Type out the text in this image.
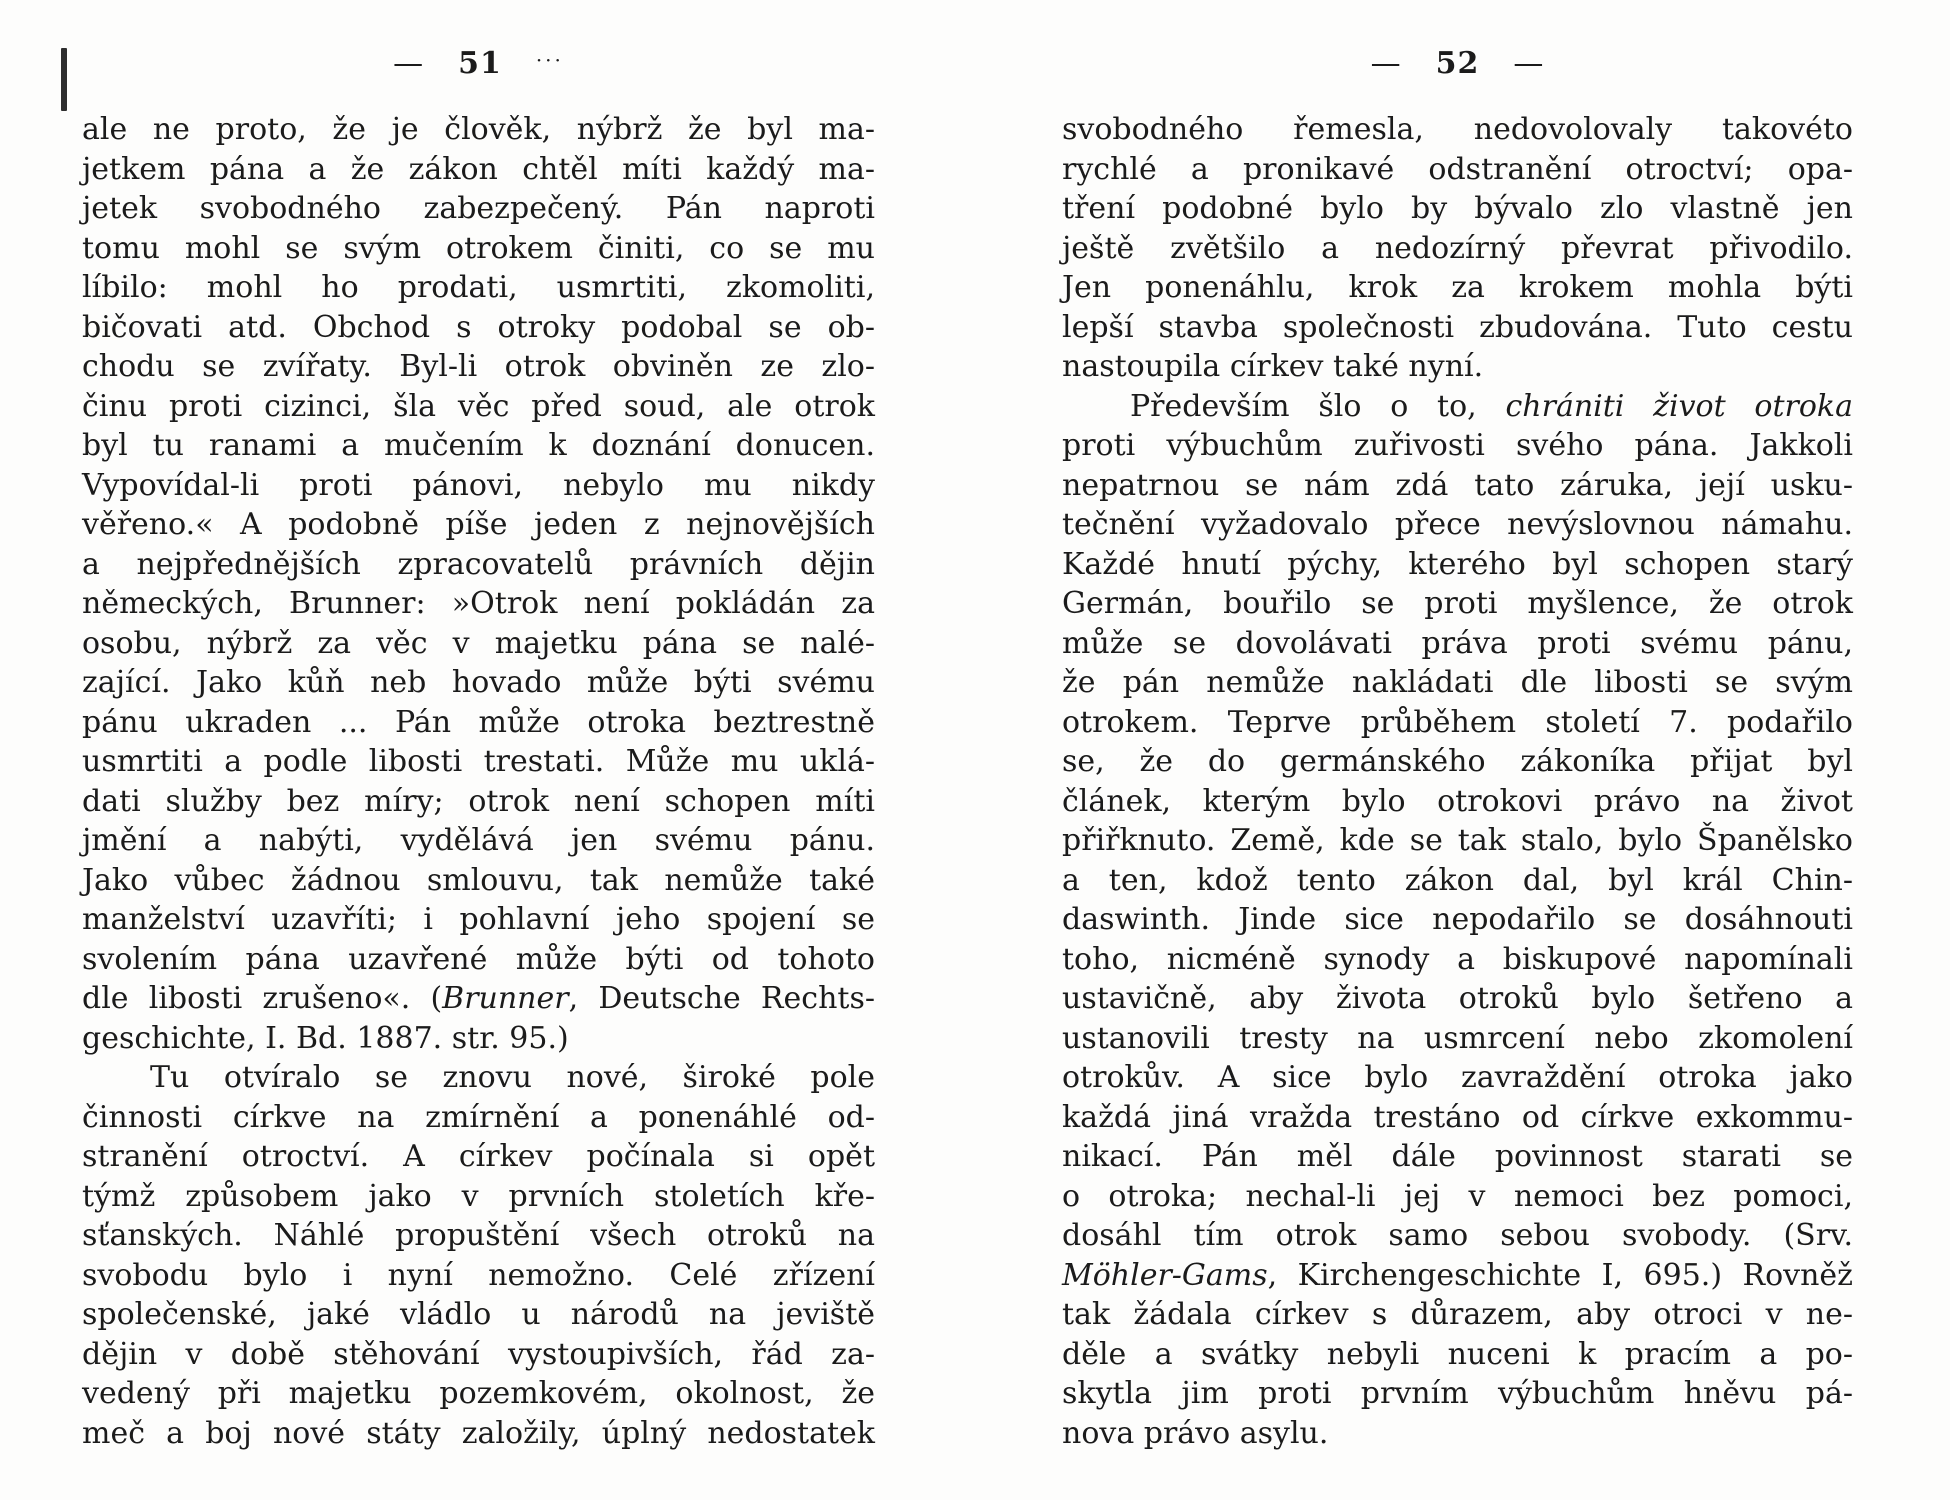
— 51 ···	— 52 —
ale ne proto, že je člověk, nýbrž že byl ma-
jetkem pána a že zákon chtěl míti každý ma-
jetek svobodného zabezpečený. Pán naproti
tomu mohl se svým otrokem činiti, co se mu
líbilo: mohl ho prodati, usmrtiti, zkomoliti,
bičovati atd. Obchod s otroky podobal se ob-
chodu se zvířaty. Byl-li otrok obviněn ze zlo-
činu proti cizinci, šla věc před soud, ale otrok
byl tu ranami a mučením k doznání donucen.
Vypovídal-li proti pánovi, nebylo mu nikdy
věřeno.« A podobně píše jeden z nejnovějších
a nejpřednějších zpracovatelů právních dějin
německých, Brunner: »Otrok není pokládán za
osobu, nýbrž za věc v majetku pána se nalé-
zající. Jako kůň neb hovado může býti svému
pánu ukraden ... Pán může otroka beztrestně
usmrtiti a podle libosti trestati. Může mu uklá-
dati služby bez míry; otrok není schopen míti
jmění a nabýti, vydělává jen svému pánu.
Jako vůbec žádnou smlouvu, tak nemůže také
manželství uzavříti; i pohlavní jeho spojení se
svolením pána uzavřené může býti od tohoto
dle libosti zrušeno«. (Brunner, Deutsche Rechts-
geschichte, I. Bd. 1887. str. 95.)
Tu otvíralo se znovu nové, široké pole
činnosti církve na zmírnění a ponenáhlé od-
stranění otroctví. A církev počínala si opět
týmž způsobem jako v prvních stoletích kře-
sťanských. Náhlé propuštění všech otroků na
svobodu bylo i nyní nemožno. Celé zřízení
společenské, jaké vládlo u národů na jeviště
dějin v době stěhování vystoupivších, řád za-
vedený při majetku pozemkovém, okolnost, že
meč a boj nové státy založily, úplný nedostatek
svobodného řemesla, nedovolovaly takovéto
rychlé a pronikavé odstranění otroctví; opa-
tření podobné bylo by bývalo zlo vlastně jen
ještě zvětšilo a nedozírný převrat přivodilo.
Jen ponenáhlu, krok za krokem mohla býti
lepší stavba společnosti zbudována. Tuto cestu
nastoupila církev také nyní.
Především šlo o to, chrániti život otroka
proti výbuchům zuřivosti svého pána. Jakkoli
nepatrnou se nám zdá tato záruka, její usku-
tečnění vyžadovalo přece nevýslovnou námahu.
Každé hnutí pýchy, kterého byl schopen starý
Germán, bouřilo se proti myšlence, že otrok
může se dovolávati práva proti svému pánu,
že pán nemůže nakládati dle libosti se svým
otrokem. Teprve průběhem století 7. podařilo
se, že do germánského zákoníka přijat byl
článek, kterým bylo otrokovi právo na život
přiřknuto. Země, kde se tak stalo, bylo Španělsko
a ten, kdož tento zákon dal, byl král Chin-
daswinth. Jinde sice nepodařilo se dosáhnouti
toho, nicméně synody a biskupové napomínali
ustavičně, aby života otroků bylo šetřeno a
ustanovili tresty na usmrcení nebo zkomolení
otrokův. A sice bylo zavraždění otroka jako
každá jiná vražda trestáno od církve exkommu-
nikací. Pán měl dále povinnost starati se
o otroka; nechal-li jej v nemoci bez pomoci,
dosáhl tím otrok samo sebou svobody. (Srv.
Möhler-Gams, Kirchengeschichte I, 695.) Rovněž
tak žádala církev s důrazem, aby otroci v ne-
děle a svátky nebyli nuceni k pracím a po-
skytla jim proti prvním výbuchům hněvu pá-
nova právo asylu.
